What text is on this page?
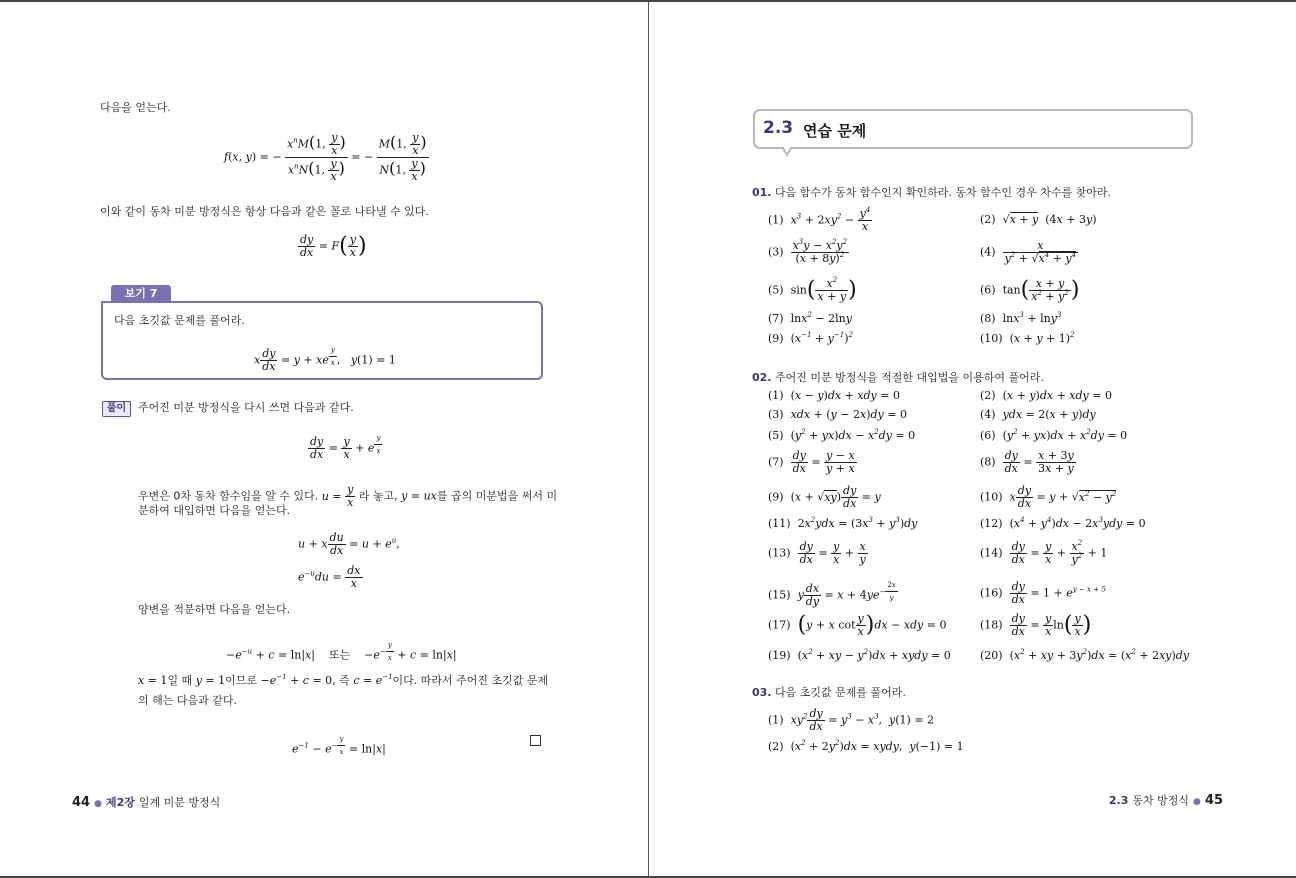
다음을 얻는다.
f(x, y) = − $\frac{x^nM(1, \frac{y}{x} )}{x^nN(1, \frac{y}{x} )}$ = − $\frac{M(1, \frac{y}{x} )}{N(1, \frac{y}{x} )}$
이와 같이 동차 미분 방정식은 항상 다음과 같은 꼴로 나타낼 수 있다.
$\frac{dy}{dx} = F( \frac{y}{x}$ )
보기 7
다음 초깃값 문제를 풀어라.
x $\frac{dy}{dx} = y$ + xe $^{\frac{y}{x}}$ ,   y(1) = 1
풀이	주어진 미분 방정식을 다시 쓰면 다음과 같다.
$\frac{dy}{dx} = \frac{y}{x} + e$ $^{\frac{y}{x}}$
우변은 0차 동차 함수임을 알 수 있다. $u = \frac{y}{x}$ 라 놓고, y = ux를 곱의 미분법을 써서 미
분하여 대입하면 다음을 얻는다.
u + x $\frac{du}{dx} = u + e^u$,
$e^{-u}du = \frac{dx}{x}$
양변을 적분하면 다음을 얻는다.
$-e^{-u} + c = \ln|x|$    또는    $-e^{- \frac{y}{x}} + c = \ln|x|$
x = 1일 때 y = 1이므로 $-e^{-1} + c = 0$, 즉 $c = e^{-1}$이다. 따라서 주어진 초깃값 문제
의 해는 다음과 같다.
$e^{-1} - e^{- \frac{y}{x}} = \ln|x|$
44 ● 제2장 일계 미분 방정식
2.3 연습 문제
01. 다음 함수가 동차 함수인지 확인하라. 동차 함수인 경우 차수를 찾아라.
(1)  $x^3 + 2xy^2 - \frac{y^4}{x}$	(2)  √x + y  (4x + 3y)
$(3) \frac{x^3y - x^2y^2}{(x + 8y)^2}$	$(4) \frac{x}{y^2 + √x^4 + y^4}$
(5)  $\sin( \frac{x^2}{x + y}$ )	(6)  $\tan( \frac{x + y}{x^2 + y^2}$ )
(7)  lnx$^2$ − 2lny	(8)  lnx$^3$ + lny$^3$
(9)  $(x^{-1} + y^{-1})^2$	(10)  $(x + y + 1)^2$
02. 주어진 미분 방정식을 적절한 대입법을 이용하여 풀어라.
(1)  (x − y)dx + xdy = 0	(2)  (x + y)dx + xdy = 0
(3)  xdx + (y − 2x)dy = 0	(4)  ydx = 2(x + y)dy
(5)  $(y^2 + yx)dx - x^2dy = 0$	(6)  $(y^2 + yx)dx + x^2dy = 0$
$(7) \frac{dy}{dx} = \frac{y - x}{y + x}$	$(8) \frac{dy}{dx} = \frac{x + 3y}{3x + y}$
(9)  $(x + √xy) \frac{dy}{dx} = y$	(10)  x $\frac{dy}{dx} = y + √x^2 - y^2$
(11)  $2x^2ydx = (3x^3 + y^3)dy$	(12)  $(x^4 + y^4)dx - 2x^3ydy = 0$
$(13) \frac{dy}{dx} = \frac{y}{x} + \frac{x}{y}$	$(14) \frac{dy}{dx} = \frac{y}{x} + \frac{x^2}{y^2} + 1$
(15)  y $\frac{dx}{dy} = x + 4ye^{- \frac{2x}{y}}$	$(16) \frac{dy}{dx} = 1 + e^{y - x + 5}$
(17)  (y + x $\cot \frac{y}{x} )dx$ − xdy = 0	$(18) \frac{dy}{dx} = \frac{y}{x} \ln( \frac{y}{x}$ )
(19)  ($x^2$ + xy − $y^2)dx$ + xydy = 0	(20)  ($x^2$ + xy + $3y^2)dx = (x^2 + 2xy)dy$
03. 다음 초깃값 문제를 풀어라.
(1)  $xy^2 \frac{dy}{dx} = y^3 - x^3$,  y(1) = 2
(2)  $(x^2 + 2y^2)dx$ = xydy,  y(−1) = 1
2.3 동차 방정식 ● 45
